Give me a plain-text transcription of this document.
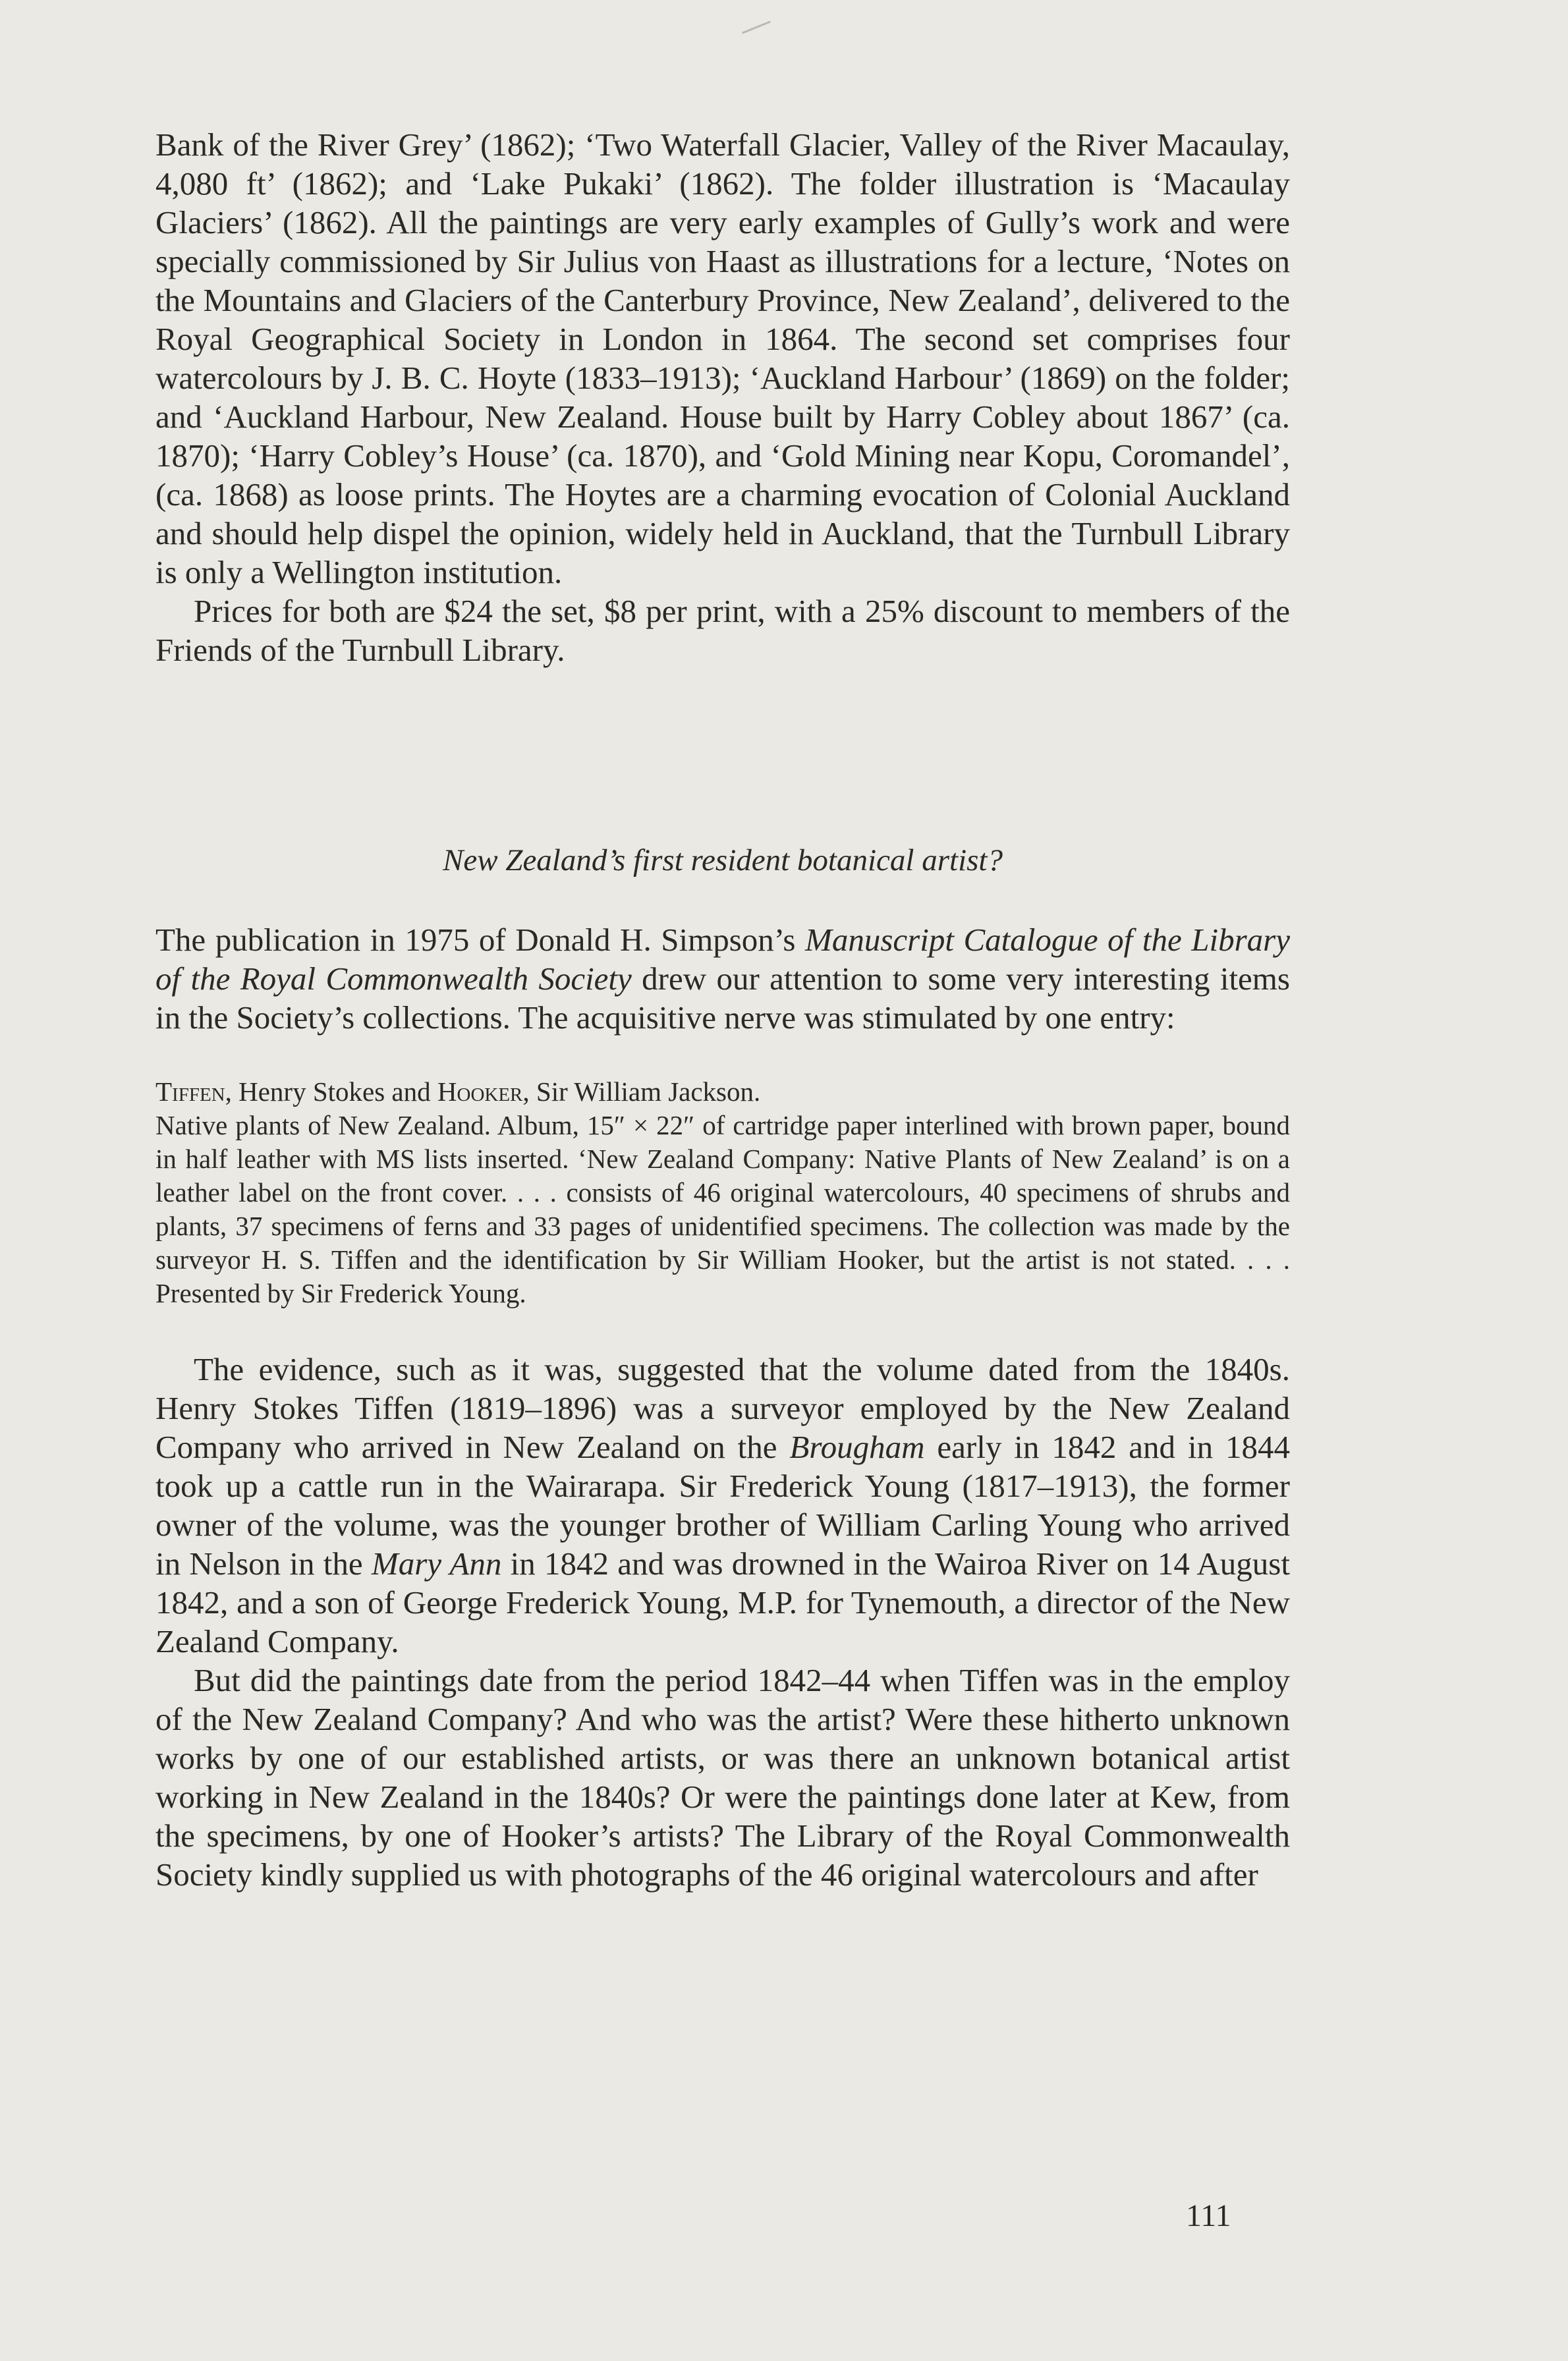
Bank of the River Grey’ (1862); ‘Two Waterfall Glacier, Valley of the River Macaulay, 4,080 ft’ (1862); and ‘Lake Pukaki’ (1862). The folder illustration is ‘Macaulay Glaciers’ (1862). All the paintings are very early examples of Gully’s work and were specially commissioned by Sir Julius von Haast as illustrations for a lecture, ‘Notes on the Mountains and Glaciers of the Canterbury Province, New Zealand’, delivered to the Royal Geographical Society in London in 1864. The second set comprises four watercolours by J. B. C. Hoyte (1833–1913); ‘Auckland Harbour’ (1869) on the folder; and ‘Auckland Harbour, New Zealand. House built by Harry Cobley about 1867’ (ca. 1870); ‘Harry Cobley’s House’ (ca. 1870), and ‘Gold Mining near Kopu, Coromandel’, (ca. 1868) as loose prints. The Hoytes are a charming evocation of Colonial Auckland and should help dispel the opinion, widely held in Auckland, that the Turnbull Library is only a Wellington institution.

Prices for both are $24 the set, $8 per print, with a 25% discount to members of the Friends of the Turnbull Library.

New Zealand’s first resident botanical artist?

The publication in 1975 of Donald H. Simpson’s Manuscript Catalogue of the Library of the Royal Commonwealth Society drew our attention to some very interesting items in the Society’s collections. The acquisitive nerve was stimulated by one entry:

Tiffen, Henry Stokes and Hooker, Sir William Jackson.

Native plants of New Zealand. Album, 15″ × 22″ of cartridge paper interlined with brown paper, bound in half leather with MS lists inserted. ‘New Zealand Company: Native Plants of New Zealand’ is on a leather label on the front cover. . . . consists of 46 original watercolours, 40 specimens of shrubs and plants, 37 specimens of ferns and 33 pages of unidentified specimens. The collection was made by the surveyor H. S. Tiffen and the identification by Sir William Hooker, but the artist is not stated. . . . Presented by Sir Frederick Young.

The evidence, such as it was, suggested that the volume dated from the 1840s. Henry Stokes Tiffen (1819–1896) was a surveyor employed by the New Zealand Company who arrived in New Zealand on the Brougham early in 1842 and in 1844 took up a cattle run in the Wairarapa. Sir Frederick Young (1817–1913), the former owner of the volume, was the younger brother of William Carling Young who arrived in Nelson in the Mary Ann in 1842 and was drowned in the Wairoa River on 14 August 1842, and a son of George Frederick Young, M.P. for Tynemouth, a director of the New Zealand Company.

But did the paintings date from the period 1842–44 when Tiffen was in the employ of the New Zealand Company? And who was the artist? Were these hitherto unknown works by one of our established artists, or was there an unknown botanical artist working in New Zealand in the 1840s? Or were the paintings done later at Kew, from the specimens, by one of Hooker’s artists? The Library of the Royal Commonwealth Society kindly supplied us with photographs of the 46 original watercolours and after

111
